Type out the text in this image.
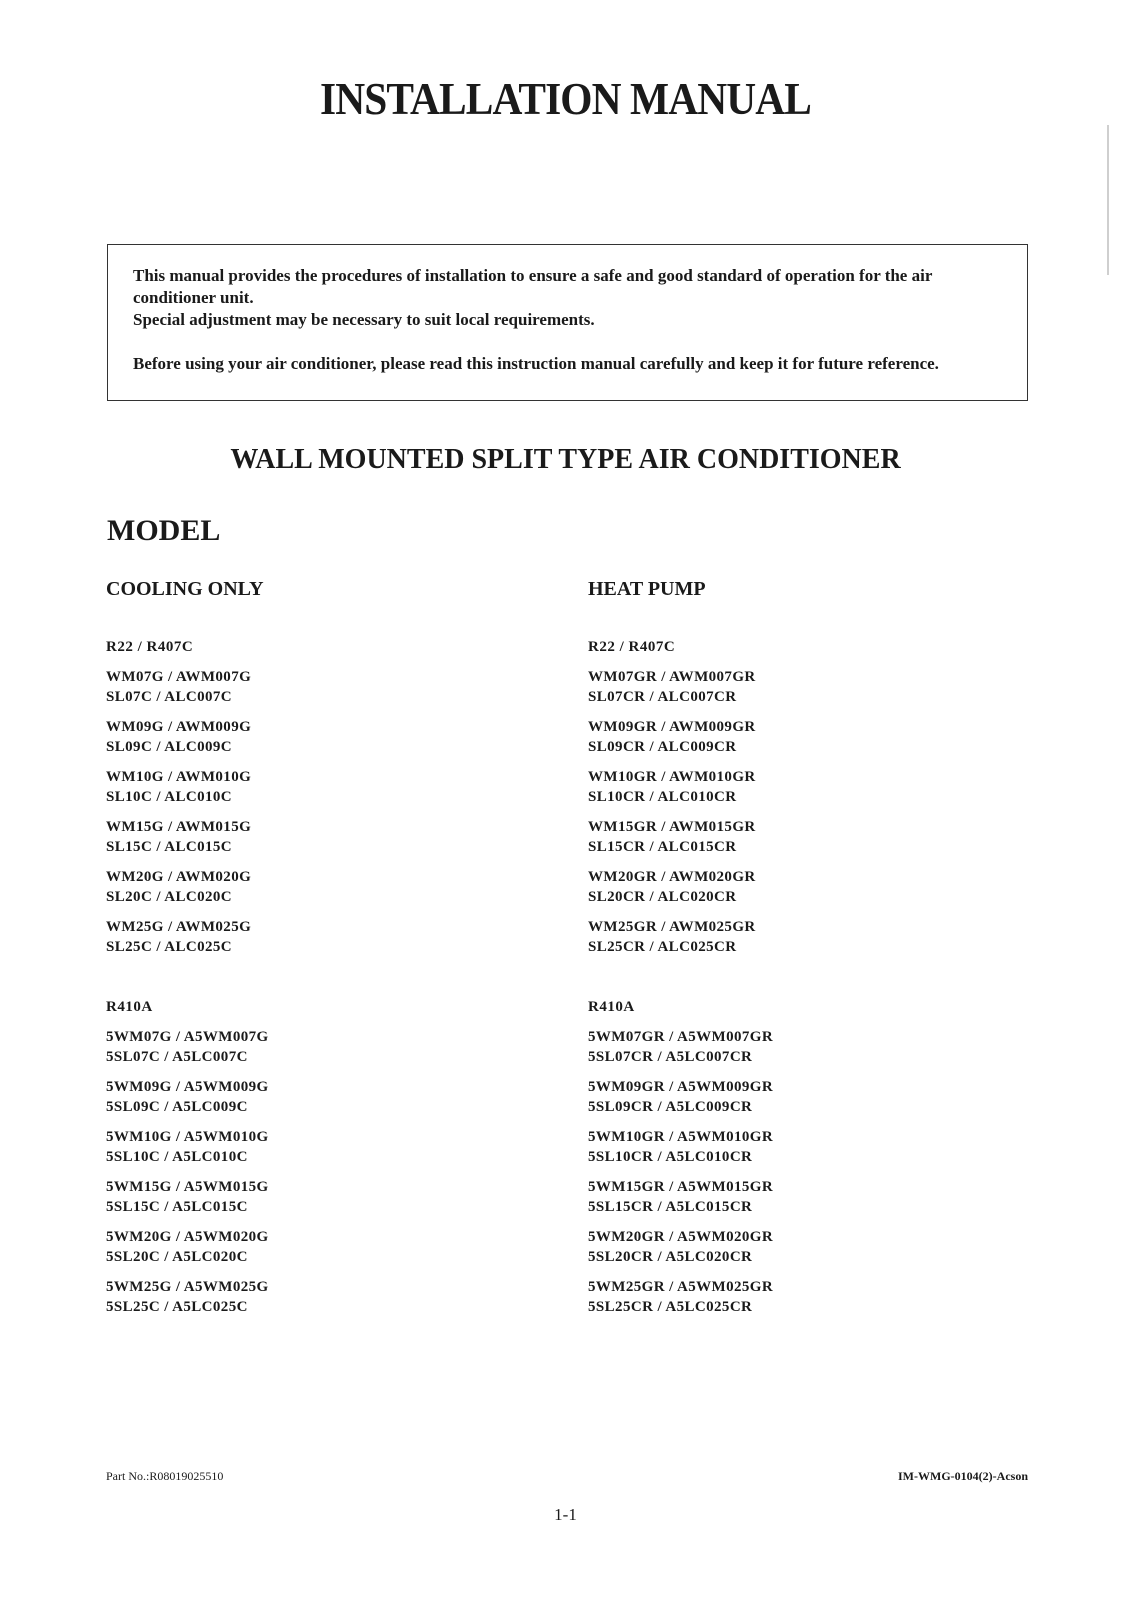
INSTALLATION MANUAL

This manual provides the procedures of installation to ensure a safe and good standard of operation for the air conditioner unit.

Special adjustment may be necessary to suit local requirements.

Before using your air conditioner, please read this instruction manual carefully and keep it for future reference.

WALL MOUNTED SPLIT TYPE AIR CONDITIONER
MODEL

COOLING ONLY

R22 / R407C

WM07G / AWM007G
SL07C / ALC007C
WM09G / AWM009G
SL09C / ALC009C
WM10G / AWM010G
SL10C / ALC010C
WM15G / AWM015G
SL15C / ALC015C
WM20G / AWM020G
SL20C / ALC020C
WM25G / AWM025G
SL25C / ALC025C

R410A

5WM07G / A5WM007G
5SL07C / A5LC007C
5WM09G / A5WM009G
5SL09C / A5LC009C
5WM10G / A5WM010G
5SL10C / A5LC010C
5WM15G / A5WM015G
5SL15C / A5LC015C
5WM20G / A5WM020G
5SL20C / A5LC020C
5WM25G / A5WM025G
5SL25C / A5LC025C

HEAT PUMP

R22 / R407C

WM07GR / AWM007GR
SL07CR / ALC007CR
WM09GR / AWM009GR
SL09CR / ALC009CR
WM10GR / AWM010GR
SL10CR / ALC010CR
WM15GR / AWM015GR
SL15CR / ALC015CR
WM20GR / AWM020GR
SL20CR / ALC020CR
WM25GR / AWM025GR
SL25CR / ALC025CR

R410A

5WM07GR / A5WM007GR
5SL07CR / A5LC007CR
5WM09GR / A5WM009GR
5SL09CR / A5LC009CR
5WM10GR / A5WM010GR
5SL10CR / A5LC010CR
5WM15GR / A5WM015GR
5SL15CR / A5LC015CR
5WM20GR / A5WM020GR
5SL20CR / A5LC020CR
5WM25GR / A5WM025GR
5SL25CR / A5LC025CR
Part No.:R08019025510	IM-WMG-0104(2)-Acson
1-1
